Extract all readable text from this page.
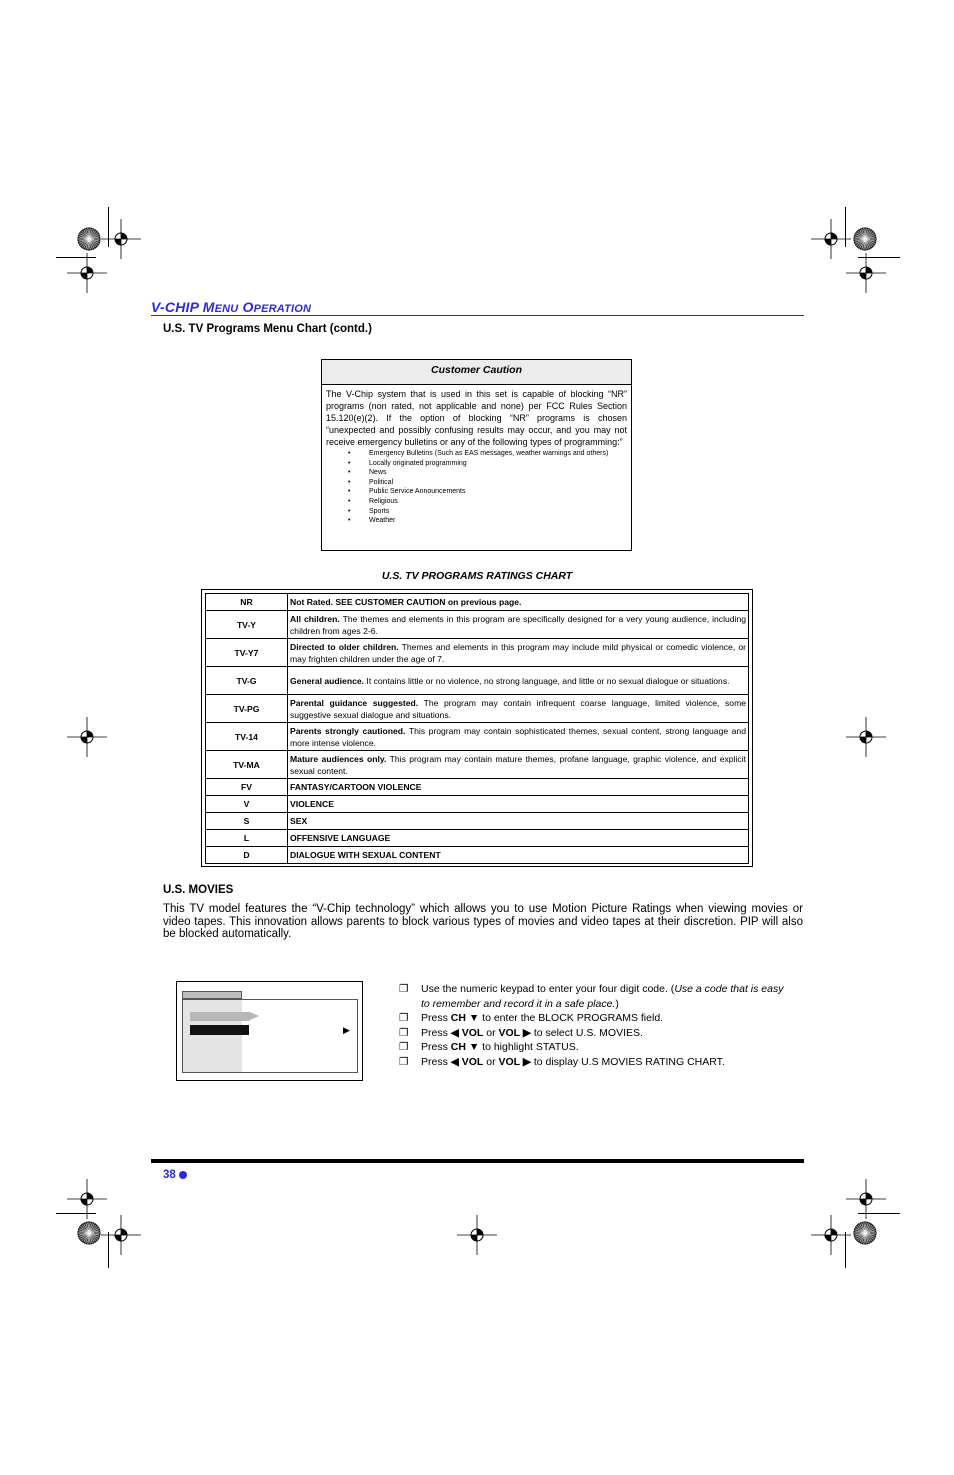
V-CHIP MENU OPERATION
U.S. TV Programs Menu Chart (contd.)
Customer Caution
The V-Chip system that is used in this set is capable of blocking “NR” programs (non rated, not applicable and none) per FCC Rules Section 15.120(e)(2). If the option of blocking “NR” programs is chosen “unexpected and possibly confusing results may occur, and you may not receive emergency bulletins or any of the following types of programming:”
• Emergency Bulletins (Such as EAS messages, weather warnings and others)
• Locally originated programming
• News
• Political
• Public Service Announcements
• Religious
• Sports
• Weather
U.S. TV PROGRAMS RATINGS CHART
NR	Not Rated. SEE CUSTOMER CAUTION on previous page.
TV-Y	All children. The themes and elements in this program are specifically designed for a very young audience, including children from ages 2-6.
TV-Y7	Directed to older children. Themes and elements in this program may include mild physical or comedic violence, or may frighten children under the age of 7.
TV-G	General audience. It contains little or no violence, no strong language, and little or no sexual dialogue or situations.
TV-PG	Parental guidance suggested. The program may contain infrequent coarse language, limited violence, some suggestive sexual dialogue and situations.
TV-14	Parents strongly cautioned. This program may contain sophisticated themes, sexual content, strong language and more intense violence.
TV-MA	Mature audiences only. This program may contain mature themes, profane language, graphic violence, and explicit sexual content.
FV	FANTASY/CARTOON VIOLENCE
V	VIOLENCE
S	SEX
L	OFFENSIVE LANGUAGE
D	DIALOGUE WITH SEXUAL CONTENT
U.S. MOVIES
This TV model features the “V-Chip technology” which allows you to use Motion Picture Ratings when viewing movies or video tapes. This innovation allows parents to block various types of movies and video tapes at their discretion. PIP will also be blocked automatically.
▶
❐ Use the numeric keypad to enter your four digit code. (Use a code that is easy to remember and record it in a safe place.)
❐ Press CH ▼ to enter the BLOCK PROGRAMS field.
❐ Press ◀ VOL or VOL ▶ to select U.S. MOVIES.
❐ Press CH ▼ to highlight STATUS.
❐ Press ◀ VOL or VOL ▶ to display U.S MOVIES RATING CHART.
38
